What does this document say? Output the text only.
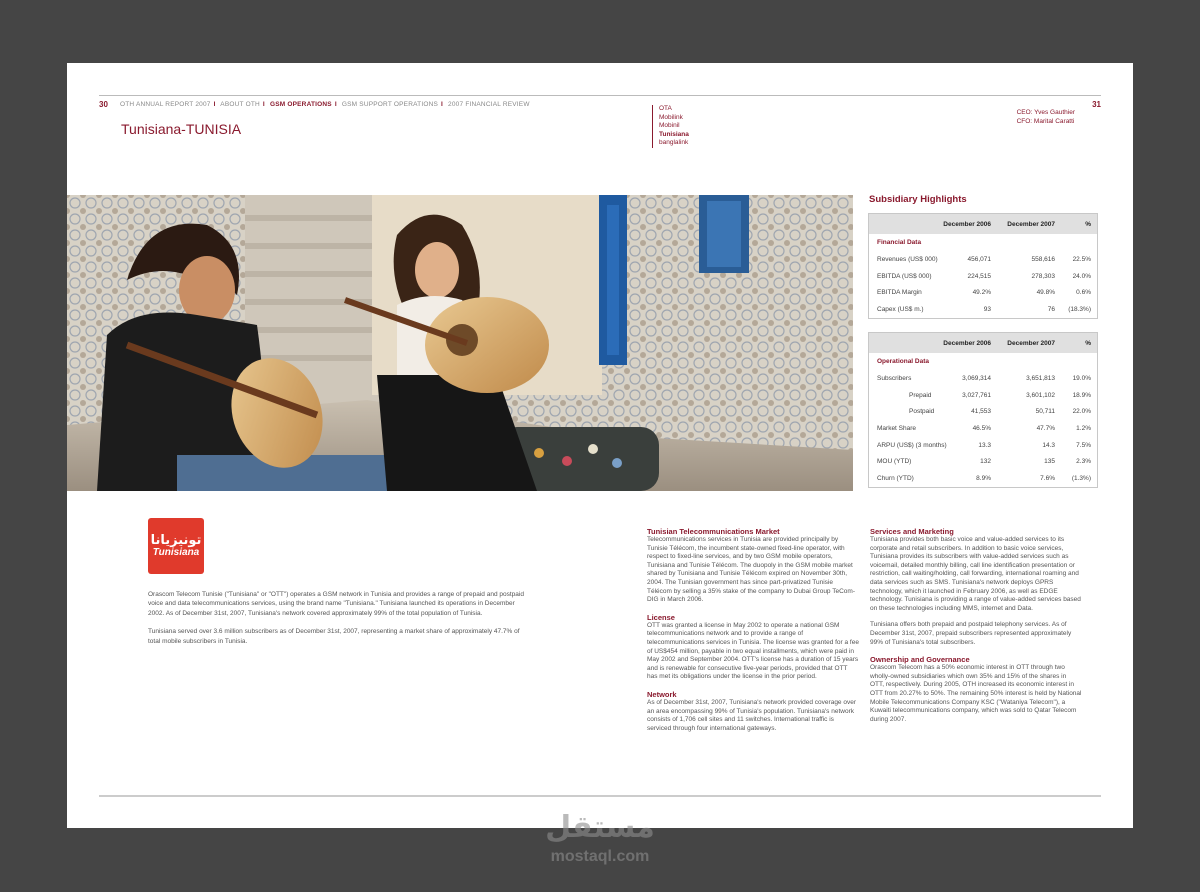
30	31
OTH ANNUAL REPORT 2007 I ABOUT OTH I GSM OPERATIONS I GSM SUPPORT OPERATIONS I 2007 FINANCIAL REVIEW
Tunisiana-TUNISIA
OTA
Mobilink
Mobinil
Tunisiana
banglalink
CEO: Yves Gauthier
CFO: Marital Caratti
Subsidiary Highlights
December 2006	December 2007	%
Financial Data
Revenues (US$ 000)	456,071	558,616	22.5%
EBITDA (US$ 000)	224,515	278,303	24.0%
EBITDA Margin	49.2%	49.8%	0.6%
Capex (US$ m.)	93	76	(18.3%)
December 2006	December 2007	%
Operational Data
Subscribers	3,069,314	3,651,813	19.0%
Prepaid	3,027,761	3,601,102	18.9%
Postpaid	41,553	50,711	22.0%
Market Share	46.5%	47.7%	1.2%
ARPU (US$) (3 months)	13.3	14.3	7.5%
MOU (YTD)	132	135	2.3%
Churn (YTD)	8.9%	7.6%	(1.3%)
تونيزيانا
Tunisiana

Orascom Telecom Tunisie ("Tunisiana" or "OTT") operates a GSM network in Tunisia and provides a range of prepaid and postpaid voice and data telecommunications services, using the brand name "Tunisiana." Tunisiana launched its operations in December 2002. As of December 31st, 2007, Tunisiana's network covered approximately 99% of the total population of Tunisia.

Tunisiana served over 3.6 million subscribers as of December 31st, 2007, representing a market share of approximately 47.7% of total mobile subscribers in Tunisia.

Tunisian Telecommunications Market

Telecommunications services in Tunisia are provided principally by Tunisie Télécom, the incumbent state-owned fixed-line operator, with respect to fixed-line services, and by two GSM mobile operators, Tunisiana and Tunisie Télécom. The duopoly in the GSM mobile market shared by Tunisiana and Tunisie Télécom expired on November 30th, 2004. The Tunisian government has since part-privatized Tunisie Télécom by selling a 35% stake of the company to Dubai Group TeCom-DIG in March 2006.

License

OTT was granted a license in May 2002 to operate a national GSM telecommunications network and to provide a range of telecommunications services in Tunisia. The license was granted for a fee of US$454 million, payable in two equal installments, which were paid in May 2002 and September 2004. OTT's license has a duration of 15 years and is renewable for consecutive five-year periods, provided that OTT has met its obligations under the license in the prior period.

Network

As of December 31st, 2007, Tunisiana's network provided coverage over an area encompassing 99% of Tunisia's population. Tunisiana's network consists of 1,706 cell sites and 11 switches. International traffic is serviced through four international gateways.

Services and Marketing

Tunisiana provides both basic voice and value-added services to its corporate and retail subscribers. In addition to basic voice services, Tunisiana provides its subscribers with value-added services such as voicemail, detailed monthly billing, call line identification presentation or restriction, call waiting/holding, call forwarding, international roaming and data services such as SMS. Tunisiana's network deploys GPRS technology, which it launched in February 2006, as well as EDGE technology. Tunisiana is providing a range of value-added services based on these technologies including MMS, internet and Data.

Tunisiana offers both prepaid and postpaid telephony services. As of December 31st, 2007, prepaid subscribers represented approximately 99% of Tunisiana's total subscribers.

Ownership and Governance

Orascom Telecom has a 50% economic interest in OTT through two wholly-owned subsidiaries which own 35% and 15% of the shares in OTT, respectively. During 2005, OTH increased its economic interest in OTT from 20.27% to 50%. The remaining 50% interest is held by National Mobile Telecommunications Company KSC ("Wataniya Telecom"), a Kuwaiti telecommunications company, which was sold to Qatar Telecom during 2007.

مستقل
mostaql.com
